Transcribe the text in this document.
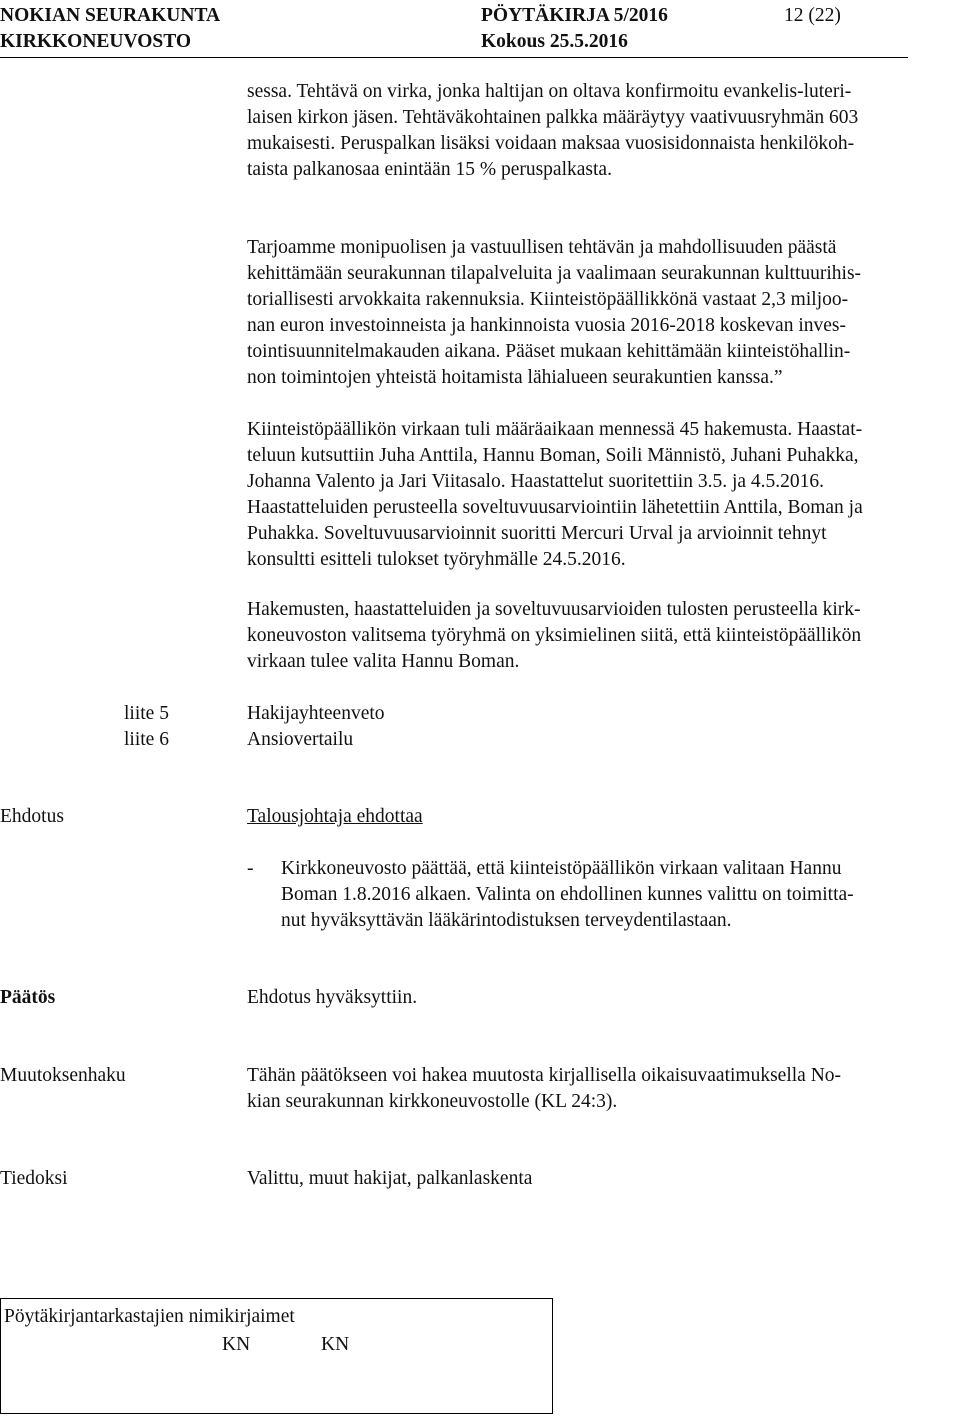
NOKIAN SEURAKUNTA
KIRKKONEUVOSTO
PÖYTÄKIRJA 5/2016
Kokous 25.5.2016
12 (22)
sessa. Tehtävä on virka, jonka haltijan on oltava konfirmoitu evankelis-luteri-
laisen kirkon jäsen. Tehtäväkohtainen palkka määräytyy vaativuusryhmän 603
mukaisesti. Peruspalkan lisäksi voidaan maksaa vuosisidonnaista henkilökoh-
taista palkanosaa enintään 15 % peruspalkasta.
Tarjoamme monipuolisen ja vastuullisen tehtävän ja mahdollisuuden päästä
kehittämään seurakunnan tilapalveluita ja vaalimaan seurakunnan kulttuurihis-
toriallisesti arvokkaita rakennuksia. Kiinteistöpäällikkönä vastaat 2,3 miljoo-
nan euron investoinneista ja hankinnoista vuosia 2016-2018 koskevan inves-
tointisuunnitelmakauden aikana. Pääset mukaan kehittämään kiinteistöhallin-
non toimintojen yhteistä hoitamista lähialueen seurakuntien kanssa.”
Kiinteistöpäällikön virkaan tuli määräaikaan mennessä 45 hakemusta. Haastat-
teluun kutsuttiin Juha Anttila, Hannu Boman, Soili Männistö, Juhani Puhakka,
Johanna Valento ja Jari Viitasalo. Haastattelut suoritettiin 3.5. ja 4.5.2016.
Haastatteluiden perusteella soveltuvuusarviointiin lähetettiin Anttila, Boman ja
Puhakka. Soveltuvuusarvioinnit suoritti Mercuri Urval ja arvioinnit tehnyt
konsultti esitteli tulokset työryhmälle 24.5.2016.
Hakemusten, haastatteluiden ja soveltuvuusarvioiden tulosten perusteella kirk-
koneuvoston valitsema työryhmä on yksimielinen siitä, että kiinteistöpäällikön
virkaan tulee valita Hannu Boman.
liite 5	Hakijayhteenveto
liite 6	Ansiovertailu
Ehdotus	Talousjohtaja ehdottaa
- Kirkkoneuvosto päättää, että kiinteistöpäällikön virkaan valitaan Hannu
Boman 1.8.2016 alkaen. Valinta on ehdollinen kunnes valittu on toimitta-
nut hyväksyttävän lääkärintodistuksen terveydentilastaan.
Päätös	Ehdotus hyväksyttiin.
Muutoksenhaku	Tähän päätökseen voi hakea muutosta kirjallisella oikaisuvaatimuksella No-
kian seurakunnan kirkkoneuvostolle (KL 24:3).
Tiedoksi	Valittu, muut hakijat, palkanlaskenta
Pöytäkirjantarkastajien nimikirjaimet
KN	KN
